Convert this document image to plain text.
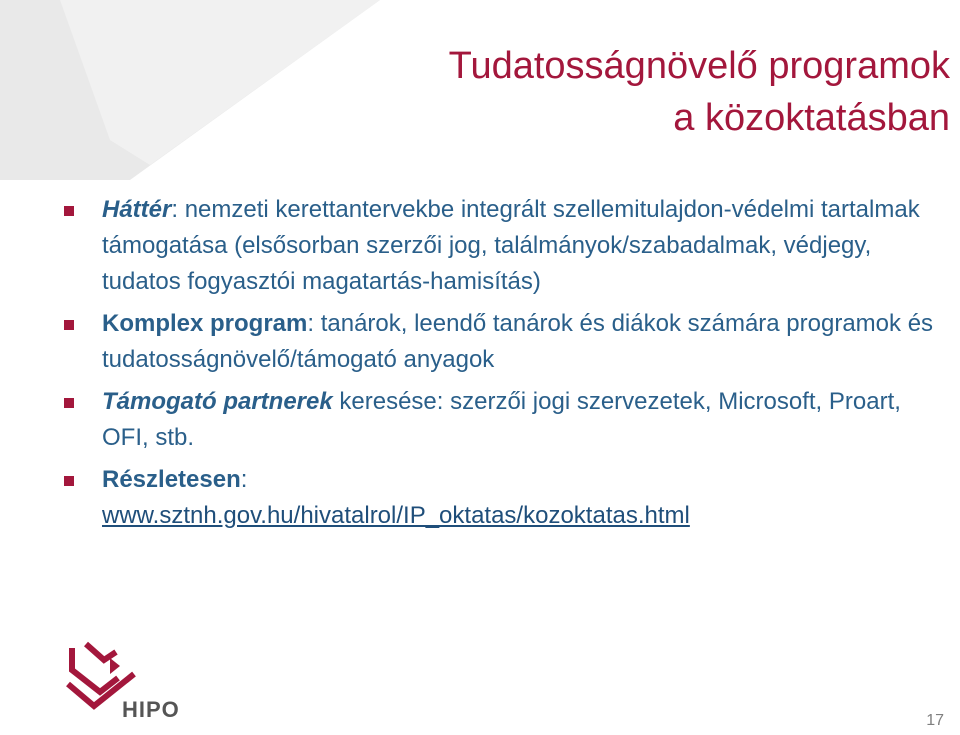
Tudatosságnövelő programok
a közoktatásban
Háttér: nemzeti kerettantervekbe integrált szellemitulajdon-védelmi tartalmak támogatása (elsősorban szerzői jog, találmányok/szabadalmak, védjegy, tudatos fogyasztói magatartás-hamisítás)
Komplex program: tanárok, leendő tanárok és diákok számára programok és tudatosságnövelő/támogató anyagok
Támogató partnerek keresése: szerzői jogi szervezetek, Microsoft, Proart, OFI, stb.
Részletesen:
www.sztnh.gov.hu/hivatalrol/IP_oktatas/kozoktatas.html
HIPO	17
